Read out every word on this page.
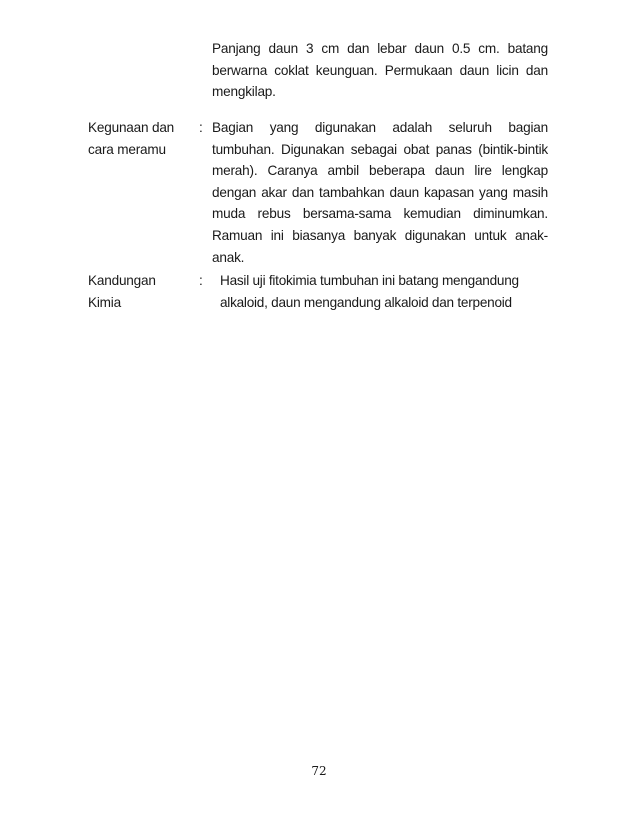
Panjang daun 3 cm dan lebar daun 0.5 cm. batang berwarna coklat keunguan. Permukaan daun licin dan mengkilap.

Kegunaan dan
cara meramu
: Bagian yang digunakan adalah seluruh bagian tumbuhan. Digunakan sebagai obat panas (bintik-bintik merah). Caranya ambil beberapa daun lire lengkap dengan akar dan tambahkan daun kapasan yang masih muda rebus bersama-sama kemudian diminumkan. Ramuan ini biasanya banyak digunakan untuk anak-anak.

Kandungan
Kimia
: Hasil uji fitokimia tumbuhan ini batang mengandung
alkaloid, daun mengandung alkaloid dan terpenoid

72
